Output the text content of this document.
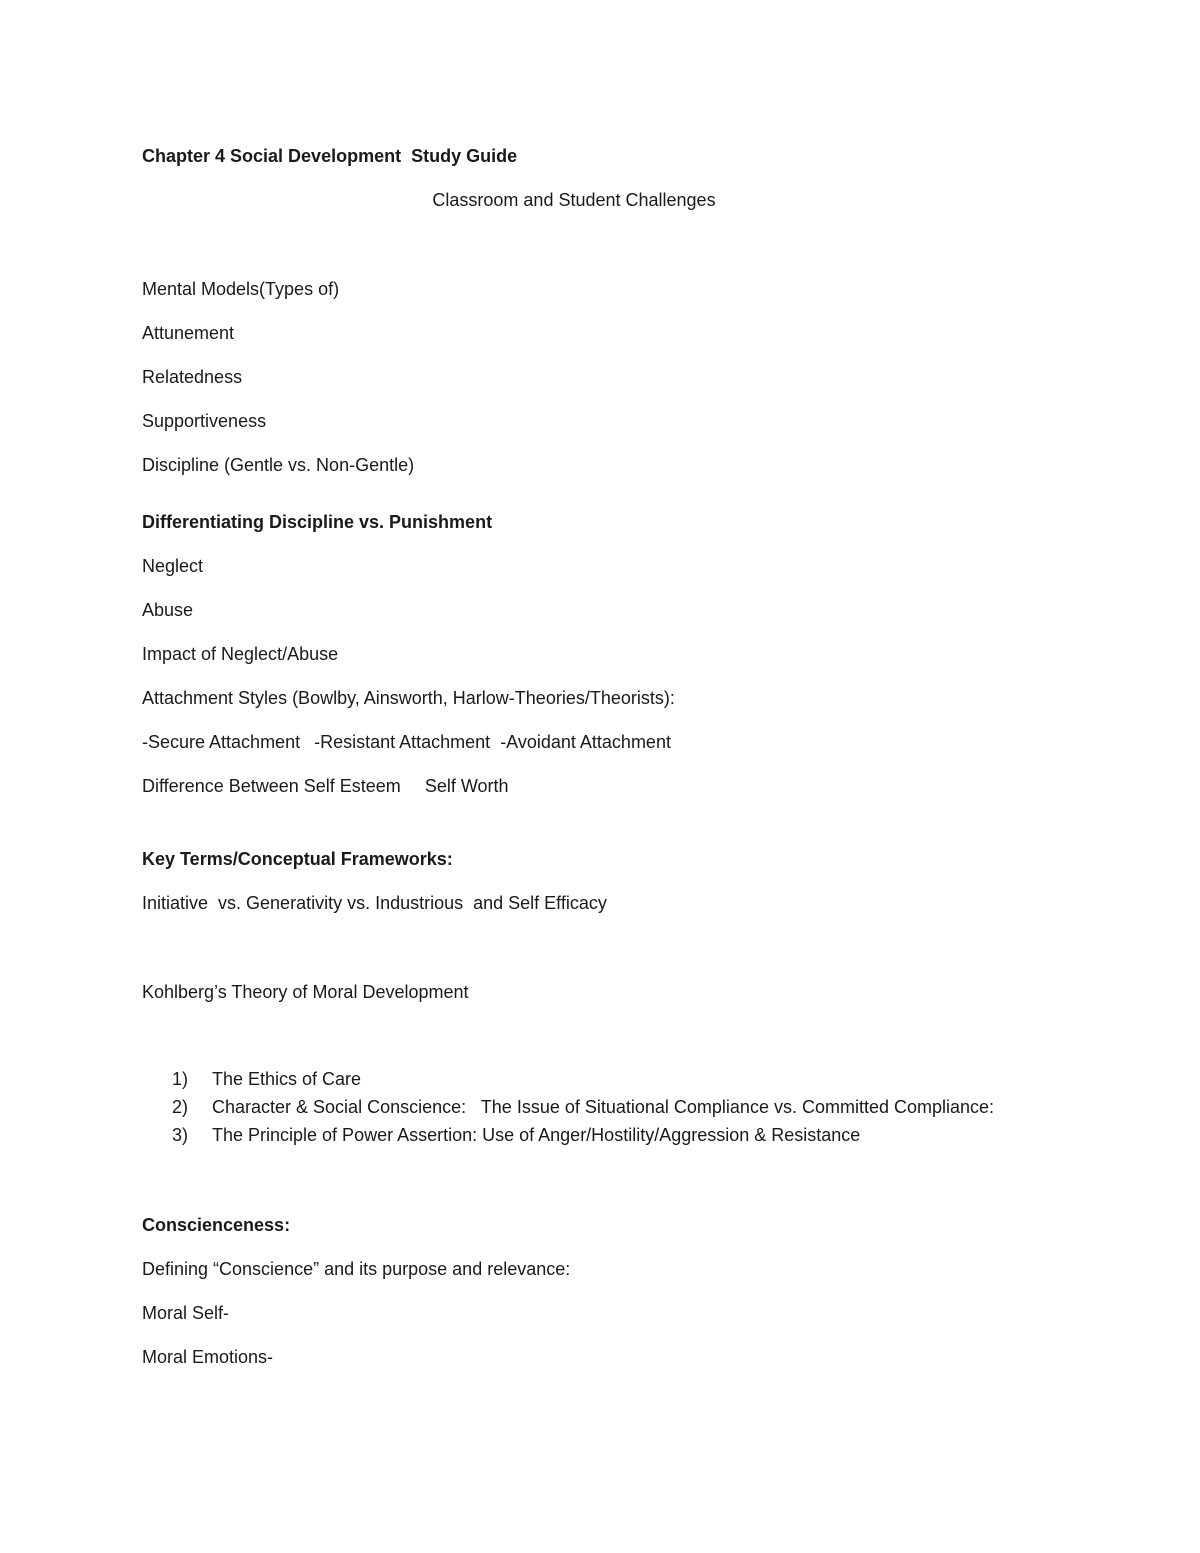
Chapter 4 Social Development  Study Guide
Classroom and Student Challenges
Mental Models(Types of)
Attunement
Relatedness
Supportiveness
Discipline (Gentle vs. Non-Gentle)
Differentiating Discipline vs. Punishment
Neglect
Abuse
Impact of Neglect/Abuse
Attachment Styles (Bowlby, Ainsworth, Harlow-Theories/Theorists):
-Secure Attachment -Resistant Attachment -Avoidant Attachment
Difference Between Self Esteem Self Worth
Key Terms/Conceptual Frameworks:
Initiative  vs. Generativity vs. Industrious  and Self Efficacy
Kohlberg’s Theory of Moral Development
1) The Ethics of Care
2) Character & Social Conscience:   The Issue of Situational Compliance vs. Committed Compliance:
3) The Principle of Power Assertion: Use of Anger/Hostility/Aggression & Resistance
Conscienceness:
Defining “Conscience” and its purpose and relevance:
Moral Self-
Moral Emotions-
